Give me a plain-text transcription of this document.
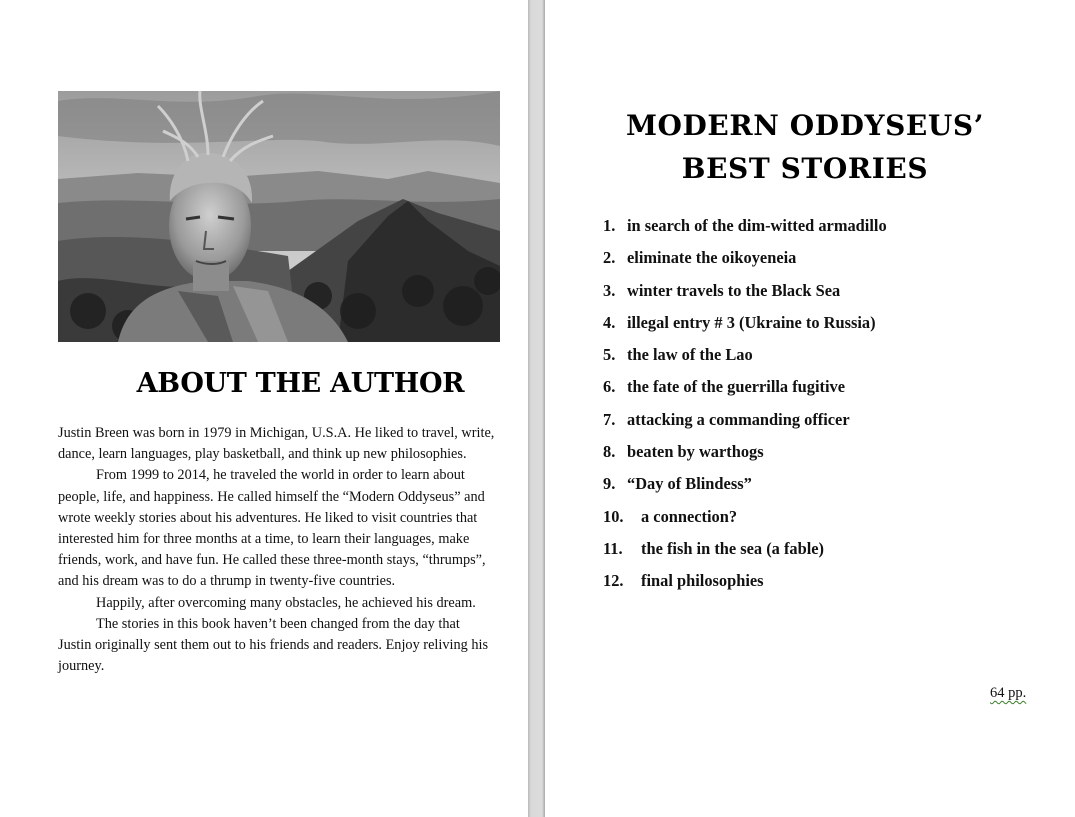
ABOUT THE AUTHOR

Justin Breen was born in 1979 in Michigan, U.S.A. He liked to travel, write, dance, learn languages, play basketball, and think up new philosophies.

From 1999 to 2014, he traveled the world in order to learn about people, life, and happiness. He called himself the “Modern Oddyseus” and wrote weekly stories about his adventures. He liked to visit countries that interested him for three months at a time, to learn their languages, make friends, work, and have fun. He called these three-month stays, “thrumps”, and his dream was to do a thrump in twenty-five countries.

Happily, after overcoming many obstacles, he achieved his dream.

The stories in this book haven’t been changed from the day that Justin originally sent them out to his friends and readers. Enjoy reliving his journey.

MODERN ODDYSEUS’
BEST STORIES
1. in search of the dim-witted armadillo
2. eliminate the oikoyeneia
3. winter travels to the Black Sea
4. illegal entry # 3 (Ukraine to Russia)
5. the law of the Lao
6. the fate of the guerrilla fugitive
7. attacking a commanding officer
8. beaten by warthogs
9. “Day of Blindess”
10. a connection?
11. the fish in the sea (a fable)
12. final philosophies
64 pp.
